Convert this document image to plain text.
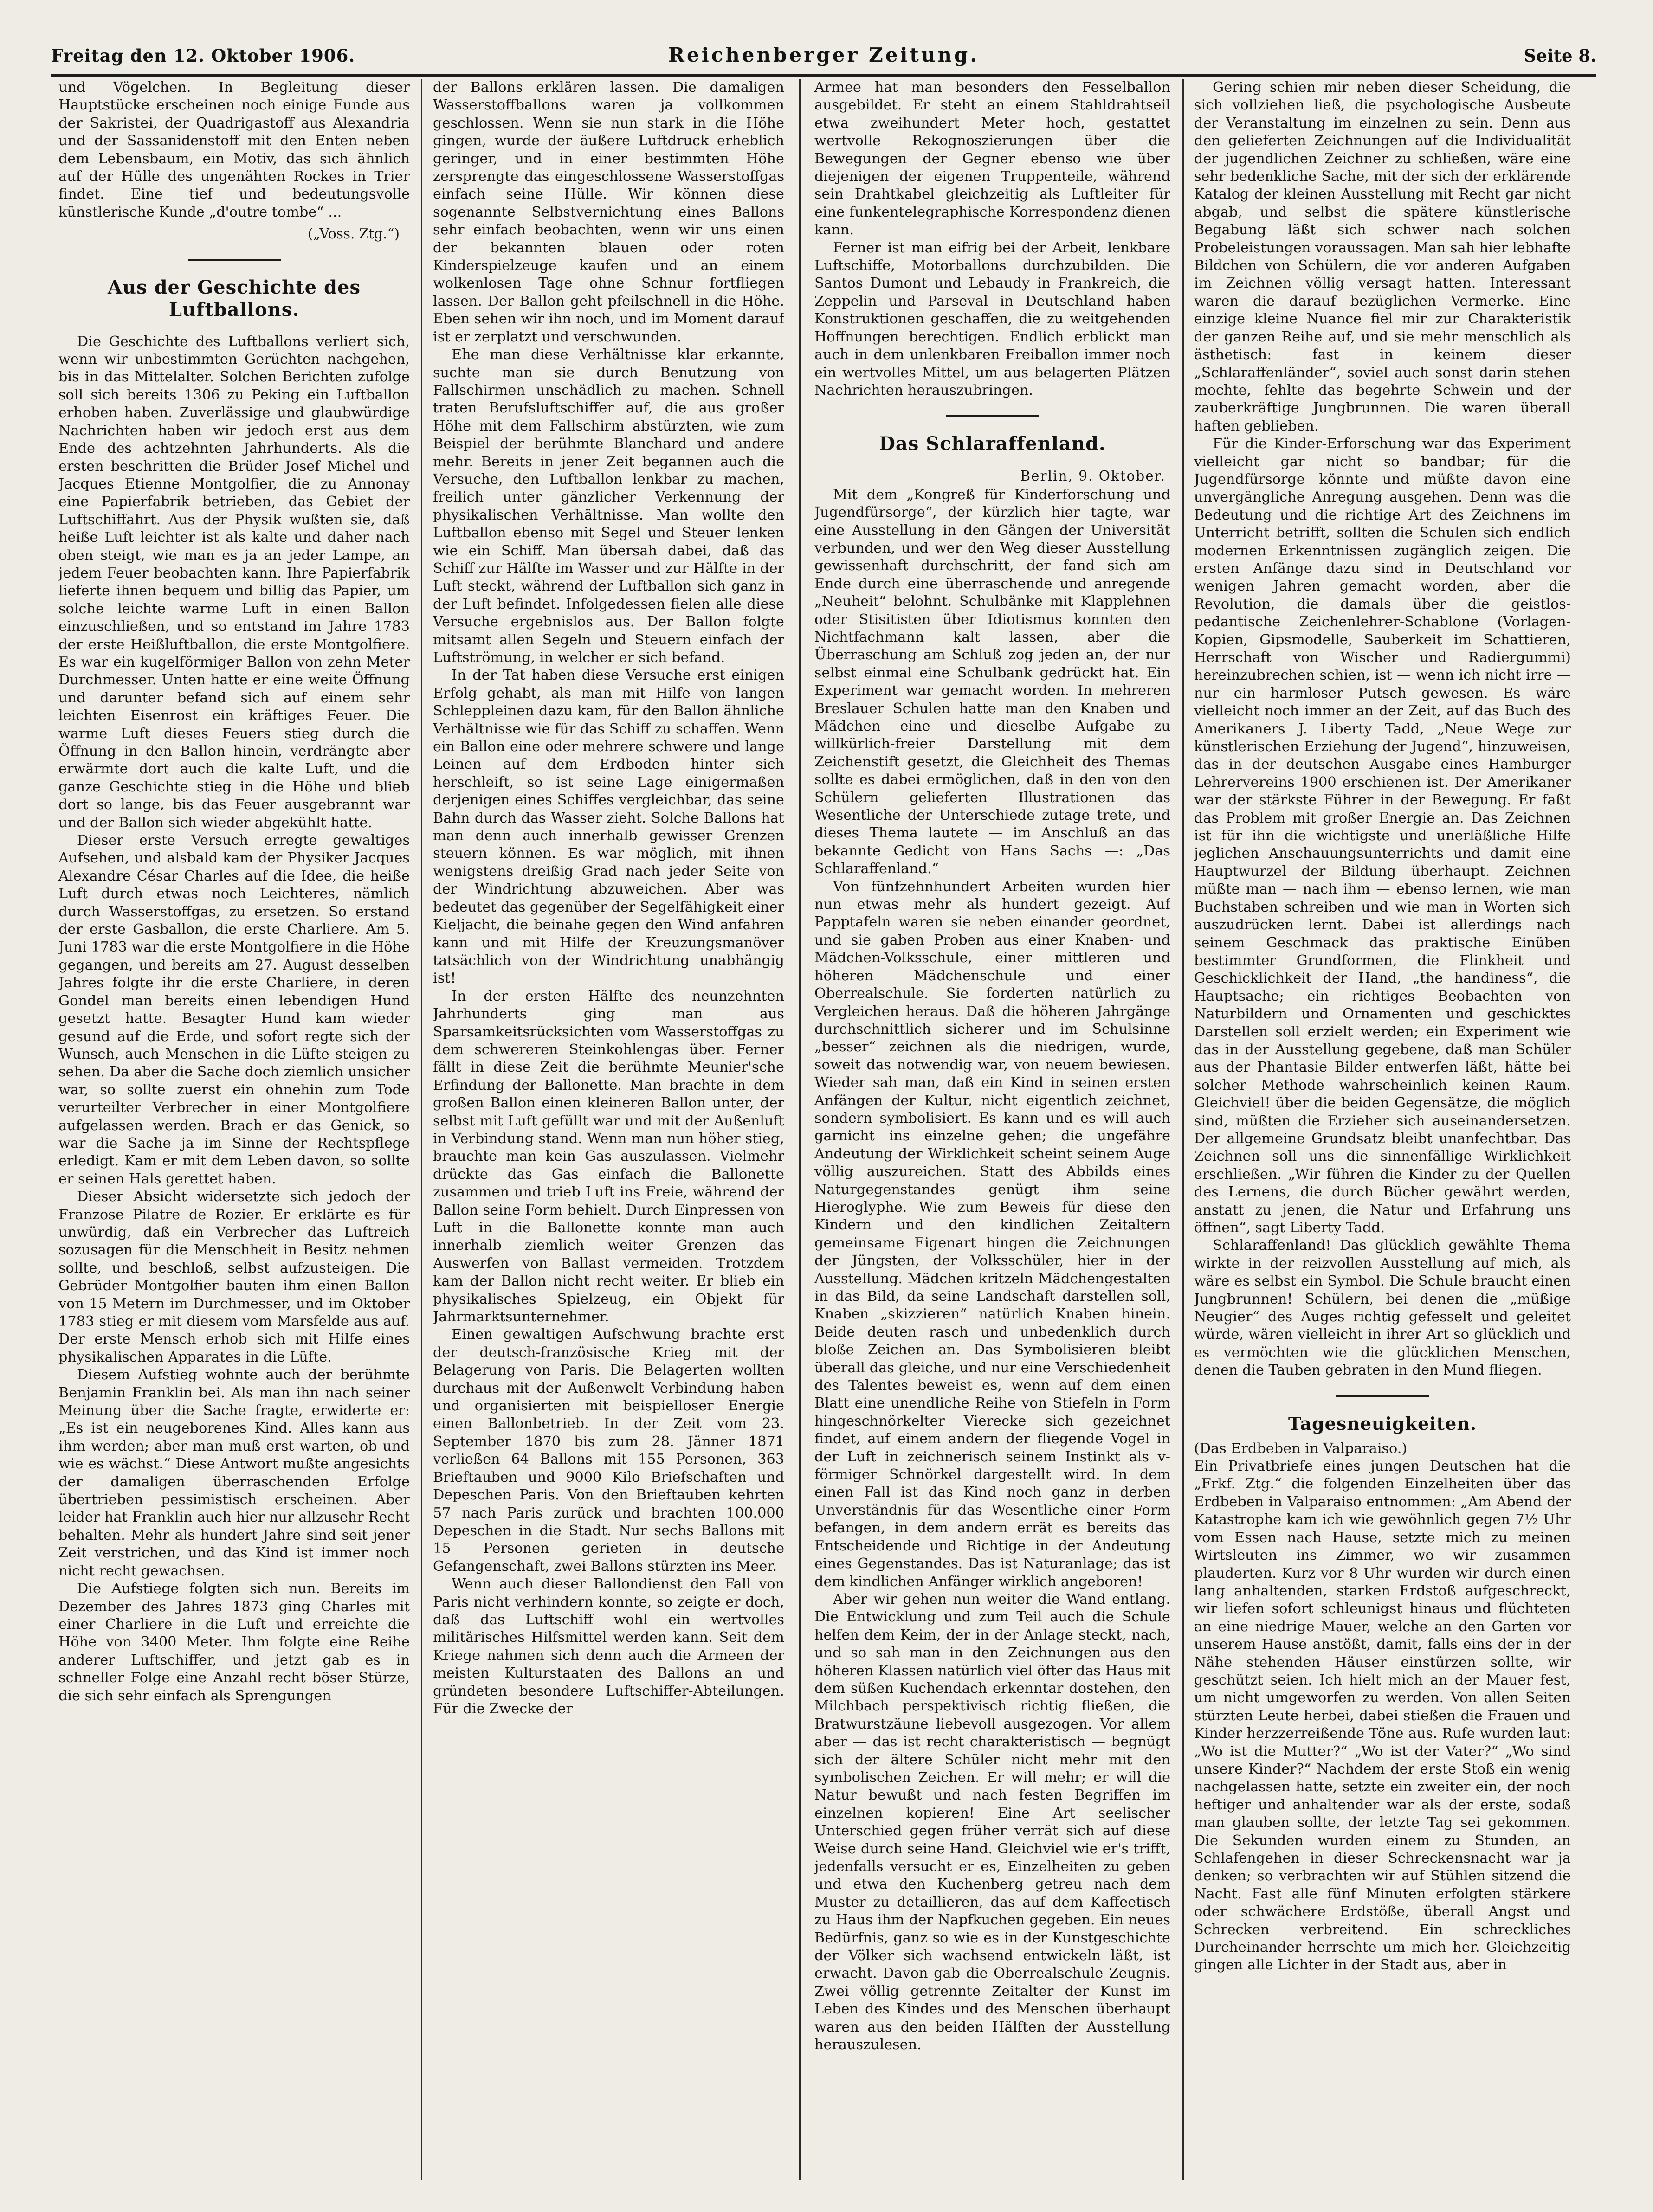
Freitag den 12. Oktober 1906.	Reichenberger Zeitung.	Seite 8.

und Vögelchen. In Begleitung dieser Hauptstücke erscheinen noch einige Funde aus der Sakristei, der Quadrigastoff aus Alexandria und der Sassanidenstoff mit den Enten neben dem Lebensbaum, ein Motiv, das sich ähnlich auf der Hülle des ungenähten Rockes in Trier findet. Eine tief und bedeutungsvolle künstlerische Kunde „d'outre tombe“ ...

(„Voss. Ztg.“)

Aus der Geschichte des Luftballons.

Die Geschichte des Luftballons verliert sich, wenn wir unbestimmten Gerüchten nachgehen, bis in das Mittelalter. Solchen Berichten zufolge soll sich bereits 1306 zu Peking ein Luftballon erhoben haben. Zuverlässige und glaubwürdige Nachrichten haben wir jedoch erst aus dem Ende des achtzehnten Jahrhunderts. Als die ersten beschritten die Brüder Josef Michel und Jacques Etienne Montgolfier, die zu Annonay eine Papierfabrik betrieben, das Gebiet der Luftschiffahrt. Aus der Physik wußten sie, daß heiße Luft leichter ist als kalte und daher nach oben steigt, wie man es ja an jeder Lampe, an jedem Feuer beobachten kann. Ihre Papierfabrik lieferte ihnen bequem und billig das Papier, um solche leichte warme Luft in einen Ballon einzuschließen, und so entstand im Jahre 1783 der erste Heißluftballon, die erste Montgolfiere. Es war ein kugelförmiger Ballon von zehn Meter Durchmesser. Unten hatte er eine weite Öffnung und darunter befand sich auf einem sehr leichten Eisenrost ein kräftiges Feuer. Die warme Luft dieses Feuers stieg durch die Öffnung in den Ballon hinein, verdrängte aber erwärmte dort auch die kalte Luft, und die ganze Geschichte stieg in die Höhe und blieb dort so lange, bis das Feuer ausgebrannt war und der Ballon sich wieder abgekühlt hatte.

Dieser erste Versuch erregte gewaltiges Aufsehen, und alsbald kam der Physiker Jacques Alexandre César Charles auf die Idee, die heiße Luft durch etwas noch Leichteres, nämlich durch Wasserstoffgas, zu ersetzen. So erstand der erste Gasballon, die erste Charliere. Am 5. Juni 1783 war die erste Montgolfiere in die Höhe gegangen, und bereits am 27. August desselben Jahres folgte ihr die erste Charliere, in deren Gondel man bereits einen lebendigen Hund gesetzt hatte. Besagter Hund kam wieder gesund auf die Erde, und sofort regte sich der Wunsch, auch Menschen in die Lüfte steigen zu sehen. Da aber die Sache doch ziemlich unsicher war, so sollte zuerst ein ohnehin zum Tode verurteilter Verbrecher in einer Montgolfiere aufgelassen werden. Brach er das Genick, so war die Sache ja im Sinne der Rechtspflege erledigt. Kam er mit dem Leben davon, so sollte er seinen Hals gerettet haben.

Dieser Absicht widersetzte sich jedoch der Franzose Pilatre de Rozier. Er erklärte es für unwürdig, daß ein Verbrecher das Luftreich sozusagen für die Menschheit in Besitz nehmen sollte, und beschloß, selbst aufzusteigen. Die Gebrüder Montgolfier bauten ihm einen Ballon von 15 Metern im Durchmesser, und im Oktober 1783 stieg er mit diesem vom Marsfelde aus auf. Der erste Mensch erhob sich mit Hilfe eines physikalischen Apparates in die Lüfte.

Diesem Aufstieg wohnte auch der berühmte Benjamin Franklin bei. Als man ihn nach seiner Meinung über die Sache fragte, erwiderte er: „Es ist ein neugeborenes Kind. Alles kann aus ihm werden; aber man muß erst warten, ob und wie es wächst.“ Diese Antwort mußte angesichts der damaligen überraschenden Erfolge übertrieben pessimistisch erscheinen. Aber leider hat Franklin auch hier nur allzusehr Recht behalten. Mehr als hundert Jahre sind seit jener Zeit verstrichen, und das Kind ist immer noch nicht recht gewachsen.

Die Aufstiege folgten sich nun. Bereits im Dezember des Jahres 1873 ging Charles mit einer Charliere in die Luft und erreichte die Höhe von 3400 Meter. Ihm folgte eine Reihe anderer Luftschiffer, und jetzt gab es in schneller Folge eine Anzahl recht böser Stürze, die sich sehr einfach als Sprengungen

der Ballons erklären lassen. Die damaligen Wasserstoffballons waren ja vollkommen geschlossen. Wenn sie nun stark in die Höhe gingen, wurde der äußere Luftdruck erheblich geringer, und in einer bestimmten Höhe zersprengte das eingeschlossene Wasserstoffgas einfach seine Hülle. Wir können diese sogenannte Selbstvernichtung eines Ballons sehr einfach beobachten, wenn wir uns einen der bekannten blauen oder roten Kinderspielzeuge kaufen und an einem wolkenlosen Tage ohne Schnur fortfliegen lassen. Der Ballon geht pfeilschnell in die Höhe. Eben sehen wir ihn noch, und im Moment darauf ist er zerplatzt und verschwunden.

Ehe man diese Verhältnisse klar erkannte, suchte man sie durch Benutzung von Fallschirmen unschädlich zu machen. Schnell traten Berufsluftschiffer auf, die aus großer Höhe mit dem Fallschirm abstürzten, wie zum Beispiel der berühmte Blanchard und andere mehr. Bereits in jener Zeit begannen auch die Versuche, den Luftballon lenkbar zu machen, freilich unter gänzlicher Verkennung der physikalischen Verhältnisse. Man wollte den Luftballon ebenso mit Segel und Steuer lenken wie ein Schiff. Man übersah dabei, daß das Schiff zur Hälfte im Wasser und zur Hälfte in der Luft steckt, während der Luftballon sich ganz in der Luft befindet. Infolgedessen fielen alle diese Versuche ergebnislos aus. Der Ballon folgte mitsamt allen Segeln und Steuern einfach der Luftströmung, in welcher er sich befand.

In der Tat haben diese Versuche erst einigen Erfolg gehabt, als man mit Hilfe von langen Schleppleinen dazu kam, für den Ballon ähnliche Verhältnisse wie für das Schiff zu schaffen. Wenn ein Ballon eine oder mehrere schwere und lange Leinen auf dem Erdboden hinter sich herschleift, so ist seine Lage einigermaßen derjenigen eines Schiffes vergleichbar, das seine Bahn durch das Wasser zieht. Solche Ballons hat man denn auch innerhalb gewisser Grenzen steuern können. Es war möglich, mit ihnen wenigstens dreißig Grad nach jeder Seite von der Windrichtung abzuweichen. Aber was bedeutet das gegenüber der Segelfähigkeit einer Kieljacht, die beinahe gegen den Wind anfahren kann und mit Hilfe der Kreuzungsmanöver tatsächlich von der Windrichtung unabhängig ist!

In der ersten Hälfte des neunzehnten Jahrhunderts ging man aus Sparsamkeitsrücksichten vom Wasserstoffgas zu dem schwereren Steinkohlengas über. Ferner fällt in diese Zeit die berühmte Meunier'sche Erfindung der Ballonette. Man brachte in dem großen Ballon einen kleineren Ballon unter, der selbst mit Luft gefüllt war und mit der Außenluft in Verbindung stand. Wenn man nun höher stieg, brauchte man kein Gas auszulassen. Vielmehr drückte das Gas einfach die Ballonette zusammen und trieb Luft ins Freie, während der Ballon seine Form behielt. Durch Einpressen von Luft in die Ballonette konnte man auch innerhalb ziemlich weiter Grenzen das Auswerfen von Ballast vermeiden. Trotzdem kam der Ballon nicht recht weiter. Er blieb ein physikalisches Spielzeug, ein Objekt für Jahrmarktsunternehmer.

Einen gewaltigen Aufschwung brachte erst der deutsch-französische Krieg mit der Belagerung von Paris. Die Belagerten wollten durchaus mit der Außenwelt Verbindung haben und organisierten mit beispielloser Energie einen Ballonbetrieb. In der Zeit vom 23. September 1870 bis zum 28. Jänner 1871 verließen 64 Ballons mit 155 Personen, 363 Brieftauben und 9000 Kilo Briefschaften und Depeschen Paris. Von den Brieftauben kehrten 57 nach Paris zurück und brachten 100.000 Depeschen in die Stadt. Nur sechs Ballons mit 15 Personen gerieten in deutsche Gefangenschaft, zwei Ballons stürzten ins Meer.

Wenn auch dieser Ballondienst den Fall von Paris nicht verhindern konnte, so zeigte er doch, daß das Luftschiff wohl ein wertvolles militärisches Hilfsmittel werden kann. Seit dem Kriege nahmen sich denn auch die Armeen der meisten Kulturstaaten des Ballons an und gründeten besondere Luftschiffer-Abteilungen. Für die Zwecke der

Armee hat man besonders den Fesselballon ausgebildet. Er steht an einem Stahldrahtseil etwa zweihundert Meter hoch, gestattet wertvolle Rekognoszierungen über die Bewegungen der Gegner ebenso wie über diejenigen der eigenen Truppenteile, während sein Drahtkabel gleichzeitig als Luftleiter für eine funkentelegraphische Korrespondenz dienen kann.

Ferner ist man eifrig bei der Arbeit, lenkbare Luftschiffe, Motorballons durchzubilden. Die Santos Dumont und Lebaudy in Frankreich, die Zeppelin und Parseval in Deutschland haben Konstruktionen geschaffen, die zu weitgehenden Hoffnungen berechtigen. Endlich erblickt man auch in dem unlenkbaren Freiballon immer noch ein wertvolles Mittel, um aus belagerten Plätzen Nachrichten herauszubringen.

Das Schlaraffenland.

Berlin, 9. Oktober.

Mit dem „Kongreß für Kinderforschung und Jugendfürsorge“, der kürzlich hier tagte, war eine Ausstellung in den Gängen der Universität verbunden, und wer den Weg dieser Ausstellung gewissenhaft durchschritt, der fand sich am Ende durch eine überraschende und anregende „Neuheit“ belohnt. Schulbänke mit Klapplehnen oder Stisitisten über Idiotismus konnten den Nichtfachmann kalt lassen, aber die Überraschung am Schluß zog jeden an, der nur selbst einmal eine Schulbank gedrückt hat. Ein Experiment war gemacht worden. In mehreren Breslauer Schulen hatte man den Knaben und Mädchen eine und dieselbe Aufgabe zu willkürlich-freier Darstellung mit dem Zeichenstift gesetzt, die Gleichheit des Themas sollte es dabei ermöglichen, daß in den von den Schülern gelieferten Illustrationen das Wesentliche der Unterschiede zutage trete, und dieses Thema lautete — im Anschluß an das bekannte Gedicht von Hans Sachs —: „Das Schlaraffenland.“

Von fünfzehnhundert Arbeiten wurden hier nun etwas mehr als hundert gezeigt. Auf Papptafeln waren sie neben einander geordnet, und sie gaben Proben aus einer Knaben- und Mädchen-Volksschule, einer mittleren und höheren Mädchenschule und einer Oberrealschule. Sie forderten natürlich zu Vergleichen heraus. Daß die höheren Jahrgänge durchschnittlich sicherer und im Schulsinne „besser“ zeichnen als die niedrigen, wurde, soweit das notwendig war, von neuem bewiesen. Wieder sah man, daß ein Kind in seinen ersten Anfängen der Kultur, nicht eigentlich zeichnet, sondern symbolisiert. Es kann und es will auch garnicht ins einzelne gehen; die ungefähre Andeutung der Wirklichkeit scheint seinem Auge völlig auszureichen. Statt des Abbilds eines Naturgegenstandes genügt ihm seine Hieroglyphe. Wie zum Beweis für diese den Kindern und den kindlichen Zeitaltern gemeinsame Eigenart hingen die Zeichnungen der Jüngsten, der Volksschüler, hier in der Ausstellung. Mädchen kritzeln Mädchengestalten in das Bild, da seine Landschaft darstellen soll, Knaben „skizzieren“ natürlich Knaben hinein. Beide deuten rasch und unbedenklich durch bloße Zeichen an. Das Symbolisieren bleibt überall das gleiche, und nur eine Verschiedenheit des Talentes beweist es, wenn auf dem einen Blatt eine unendliche Reihe von Stiefeln in Form hingeschnörkelter Vierecke sich gezeichnet findet, auf einem andern der fliegende Vogel in der Luft in zeichnerisch seinem Instinkt als v-förmiger Schnörkel dargestellt wird. In dem einen Fall ist das Kind noch ganz in derben Unverständnis für das Wesentliche einer Form befangen, in dem andern errät es bereits das Entscheidende und Richtige in der Andeutung eines Gegenstandes. Das ist Naturanlage; das ist dem kindlichen Anfänger wirklich angeboren!

Aber wir gehen nun weiter die Wand entlang. Die Entwicklung und zum Teil auch die Schule helfen dem Keim, der in der Anlage steckt, nach, und so sah man in den Zeichnungen aus den höheren Klassen natürlich viel öfter das Haus mit dem süßen Kuchendach erkenntar dostehen, den Milchbach perspektivisch richtig fließen, die Bratwurstzäune liebevoll ausgezogen. Vor allem aber — das ist recht charakteristisch — begnügt sich der ältere Schüler nicht mehr mit den symbolischen Zeichen. Er will mehr; er will die Natur bewußt und nach festen Begriffen im einzelnen kopieren! Eine Art seelischer Unterschied gegen früher verrät sich auf diese Weise durch seine Hand. Gleichviel wie er's trifft, jedenfalls versucht er es, Einzelheiten zu geben und etwa den Kuchenberg getreu nach dem Muster zu detaillieren, das auf dem Kaffeetisch zu Haus ihm der Napfkuchen gegeben. Ein neues Bedürfnis, ganz so wie es in der Kunstgeschichte der Völker sich wachsend entwickeln läßt, ist erwacht. Davon gab die Oberrealschule Zeugnis. Zwei völlig getrennte Zeitalter der Kunst im Leben des Kindes und des Menschen überhaupt waren aus den beiden Hälften der Ausstellung herauszulesen.

Gering schien mir neben dieser Scheidung, die sich vollziehen ließ, die psychologische Ausbeute der Veranstaltung im einzelnen zu sein. Denn aus den gelieferten Zeichnungen auf die Individualität der jugendlichen Zeichner zu schließen, wäre eine sehr bedenkliche Sache, mit der sich der erklärende Katalog der kleinen Ausstellung mit Recht gar nicht abgab, und selbst die spätere künstlerische Begabung läßt sich schwer nach solchen Probeleistungen voraussagen. Man sah hier lebhafte Bildchen von Schülern, die vor anderen Aufgaben im Zeichnen völlig versagt hatten. Interessant waren die darauf bezüglichen Vermerke. Eine einzige kleine Nuance fiel mir zur Charakteristik der ganzen Reihe auf, und sie mehr menschlich als ästhetisch: fast in keinem dieser „Schlaraffenländer“, soviel auch sonst darin stehen mochte, fehlte das begehrte Schwein und der zauberkräftige Jungbrunnen. Die waren überall haften geblieben.

Für die Kinder-Erforschung war das Experiment vielleicht gar nicht so bandbar; für die Jugendfürsorge könnte und müßte davon eine unvergängliche Anregung ausgehen. Denn was die Bedeutung und die richtige Art des Zeichnens im Unterricht betrifft, sollten die Schulen sich endlich modernen Erkenntnissen zugänglich zeigen. Die ersten Anfänge dazu sind in Deutschland vor wenigen Jahren gemacht worden, aber die Revolution, die damals über die geistlos-pedantische Zeichenlehrer-Schablone (Vorlagen-Kopien, Gipsmodelle, Sauberkeit im Schattieren, Herrschaft von Wischer und Radiergummi) hereinzubrechen schien, ist — wenn ich nicht irre — nur ein harmloser Putsch gewesen. Es wäre vielleicht noch immer an der Zeit, auf das Buch des Amerikaners J. Liberty Tadd, „Neue Wege zur künstlerischen Erziehung der Jugend“, hinzuweisen, das in der deutschen Ausgabe eines Hamburger Lehrervereins 1900 erschienen ist. Der Amerikaner war der stärkste Führer in der Bewegung. Er faßt das Problem mit großer Energie an. Das Zeichnen ist für ihn die wichtigste und unerläßliche Hilfe jeglichen Anschauungsunterrichts und damit eine Hauptwurzel der Bildung überhaupt. Zeichnen müßte man — nach ihm — ebenso lernen, wie man Buchstaben schreiben und wie man in Worten sich auszudrücken lernt. Dabei ist allerdings nach seinem Geschmack das praktische Einüben bestimmter Grundformen, die Flinkheit und Geschicklichkeit der Hand, „the handiness“, die Hauptsache; ein richtiges Beobachten von Naturbildern und Ornamenten und geschicktes Darstellen soll erzielt werden; ein Experiment wie das in der Ausstellung gegebene, daß man Schüler aus der Phantasie Bilder entwerfen läßt, hätte bei solcher Methode wahrscheinlich keinen Raum. Gleichviel! über die beiden Gegensätze, die möglich sind, müßten die Erzieher sich auseinandersetzen. Der allgemeine Grundsatz bleibt unanfechtbar. Das Zeichnen soll uns die sinnenfällige Wirklichkeit erschließen. „Wir führen die Kinder zu der Quellen des Lernens, die durch Bücher gewährt werden, anstatt zu jenen, die Natur und Erfahrung uns öffnen“, sagt Liberty Tadd.

Schlaraffenland! Das glücklich gewählte Thema wirkte in der reizvollen Ausstellung auf mich, als wäre es selbst ein Symbol. Die Schule braucht einen Jungbrunnen! Schülern, bei denen die „müßige Neugier“ des Auges richtig gefesselt und geleitet würde, wären vielleicht in ihrer Art so glücklich und es vermöchten wie die glücklichen Menschen, denen die Tauben gebraten in den Mund fliegen.

Tagesneuigkeiten.

(Das Erdbeben in Valparaiso.)

Ein Privatbriefe eines jungen Deutschen hat die „Frkf. Ztg.“ die folgenden Einzelheiten über das Erdbeben in Valparaiso entnommen: „Am Abend der Katastrophe kam ich wie gewöhnlich gegen 7½ Uhr vom Essen nach Hause, setzte mich zu meinen Wirtsleuten ins Zimmer, wo wir zusammen plauderten. Kurz vor 8 Uhr wurden wir durch einen lang anhaltenden, starken Erdstoß aufgeschreckt, wir liefen sofort schleunigst hinaus und flüchteten an eine niedrige Mauer, welche an den Garten vor unserem Hause anstößt, damit, falls eins der in der Nähe stehenden Häuser einstürzen sollte, wir geschützt seien. Ich hielt mich an der Mauer fest, um nicht umgeworfen zu werden. Von allen Seiten stürzten Leute herbei, dabei stießen die Frauen und Kinder herzzerreißende Töne aus. Rufe wurden laut: „Wo ist die Mutter?“ „Wo ist der Vater?“ „Wo sind unsere Kinder?“ Nachdem der erste Stoß ein wenig nachgelassen hatte, setzte ein zweiter ein, der noch heftiger und anhaltender war als der erste, sodaß man glauben sollte, der letzte Tag sei gekommen. Die Sekunden wurden einem zu Stunden, an Schlafengehen in dieser Schreckensnacht war ja denken; so verbrachten wir auf Stühlen sitzend die Nacht. Fast alle fünf Minuten erfolgten stärkere oder schwächere Erdstöße, überall Angst und Schrecken verbreitend. Ein schreckliches Durcheinander herrschte um mich her. Gleichzeitig gingen alle Lichter in der Stadt aus, aber in
